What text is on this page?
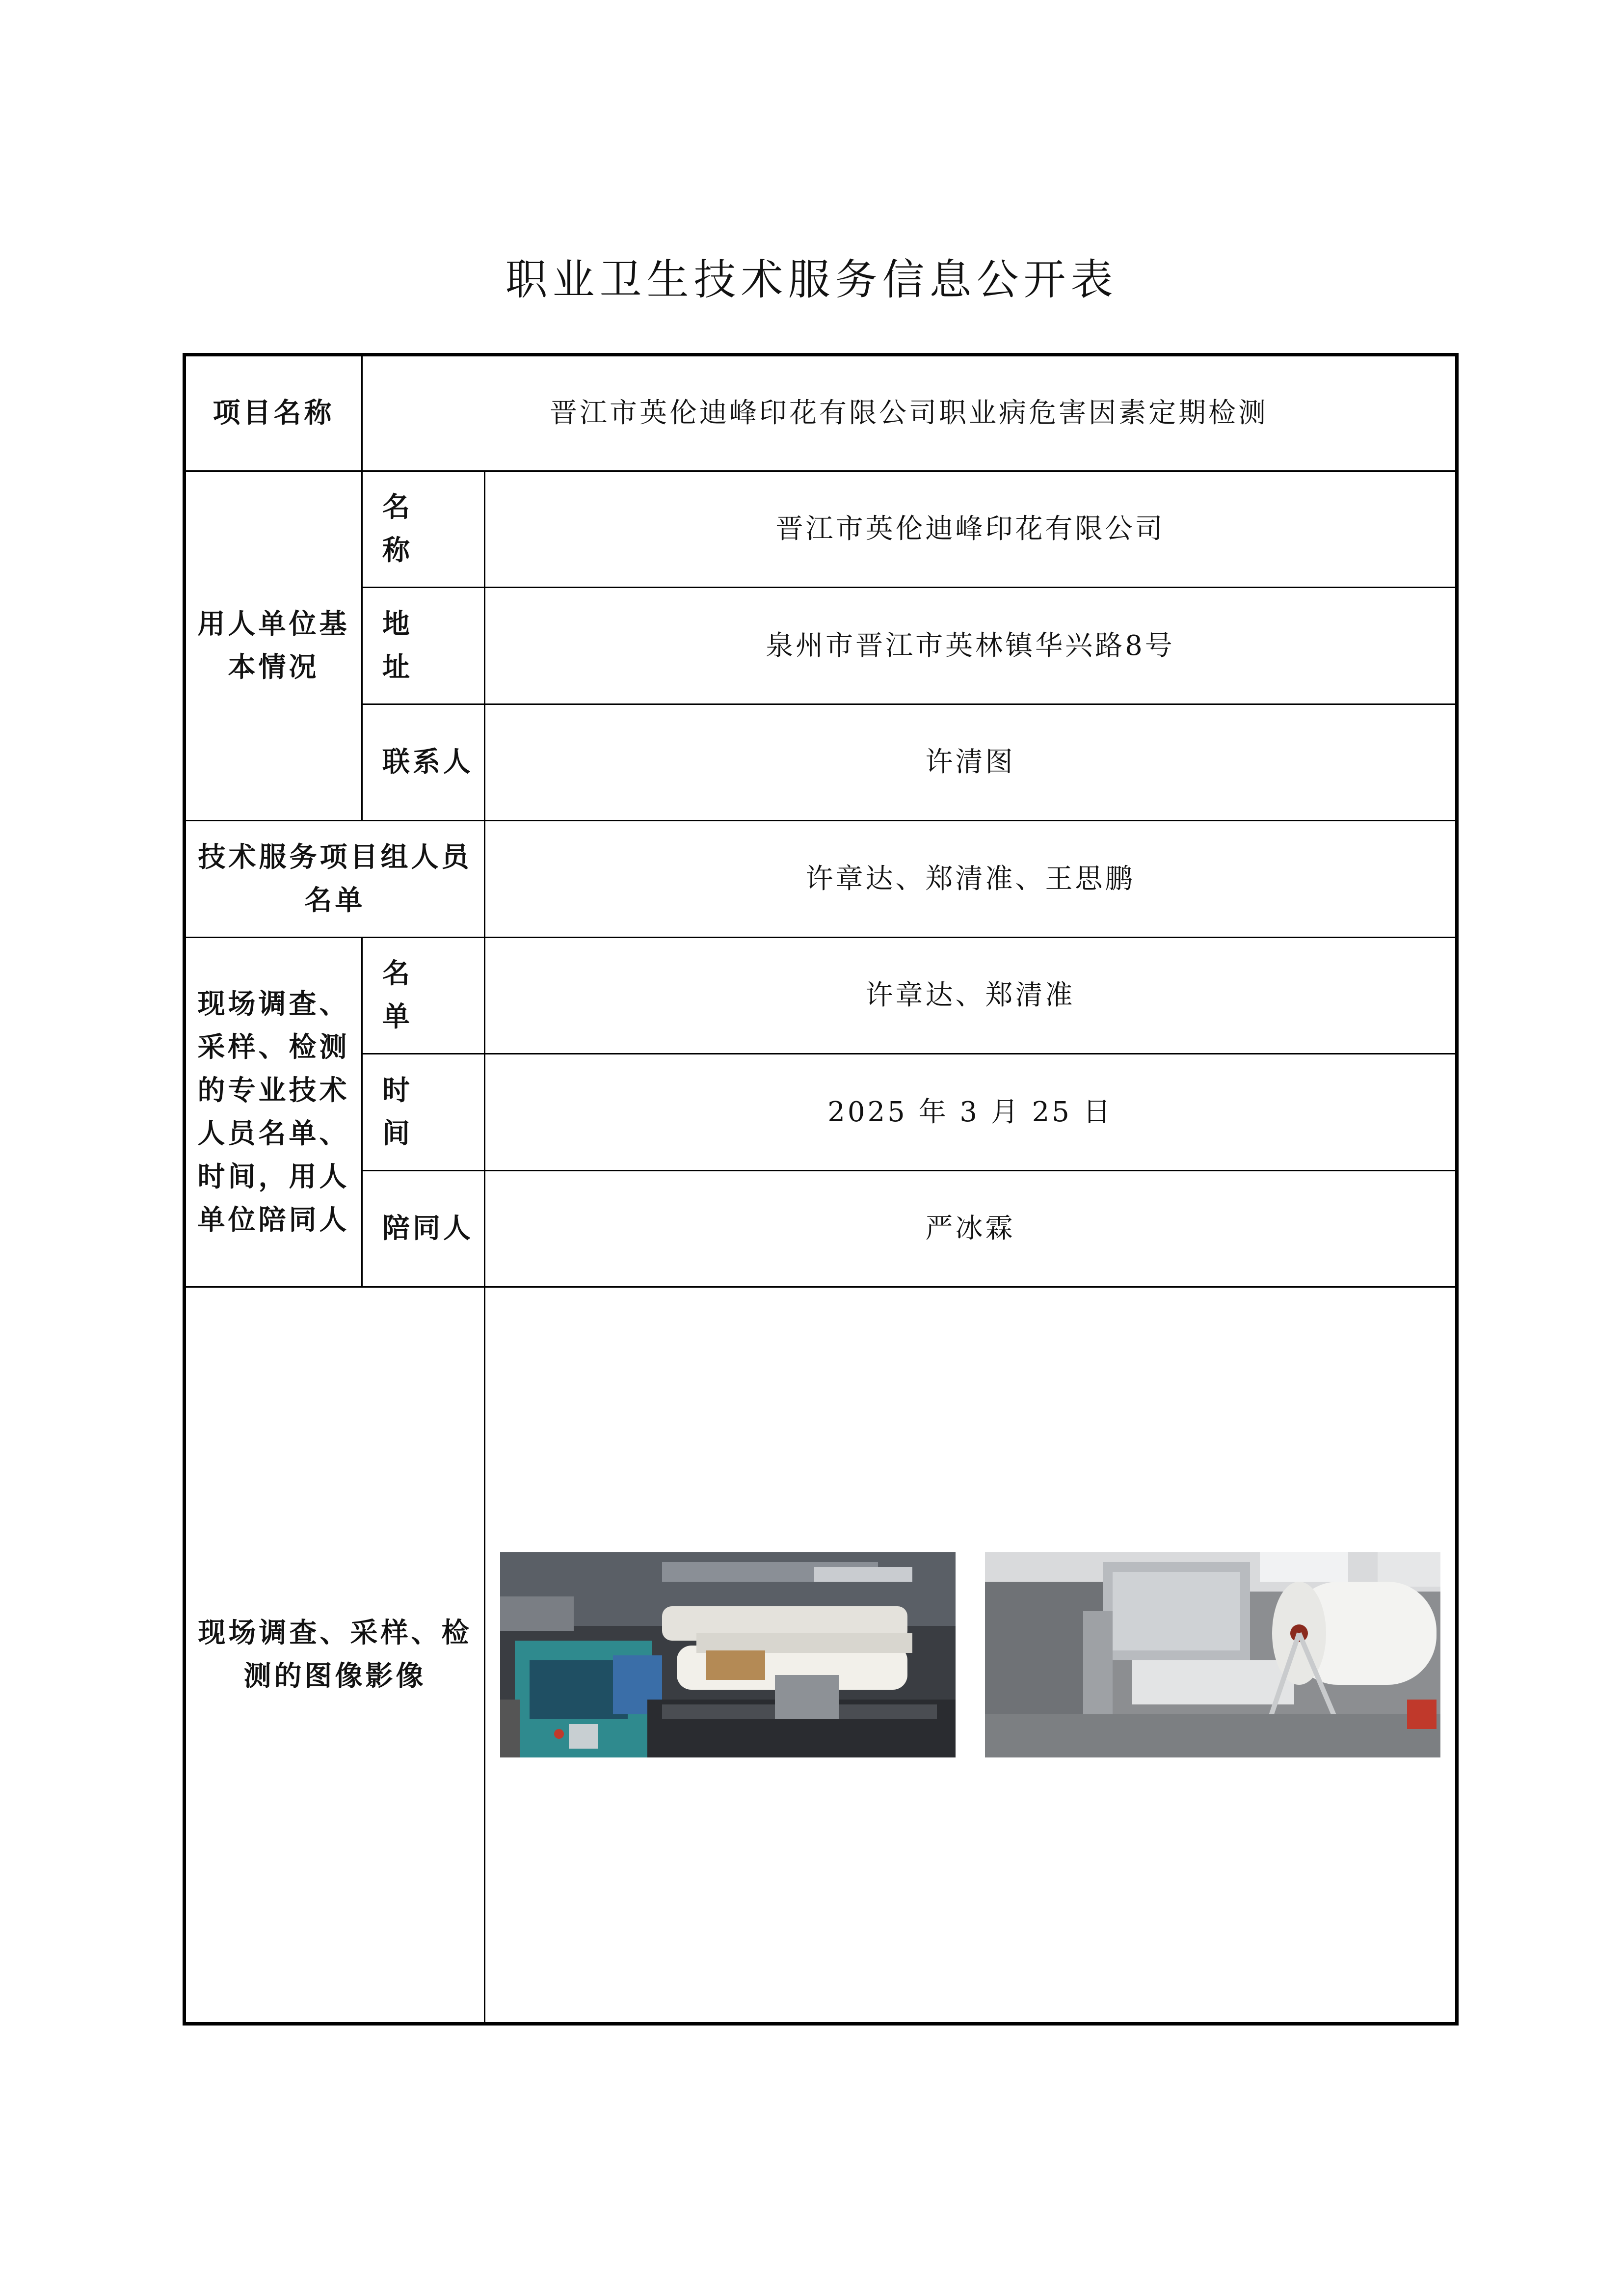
职业卫生技术服务信息公开表
项目名称	晋江市英伦迪峰印花有限公司职业病危害因素定期检测	
用人单位基本情况	名 称	晋江市英伦迪峰印花有限公司
	地 址	泉州市晋江市英林镇华兴路8号
	联系人	许清图
技术服务项目组人员名单		许章达、郑清准、王思鹏
现场调查、采样、检测的专业技术人员名单、时间，用人单位陪同人	名 单	许章达、郑清准
	时 间	2025 年 3 月 25 日
	陪同人	严冰霖
现场调查、采样、检测的图像影像	
